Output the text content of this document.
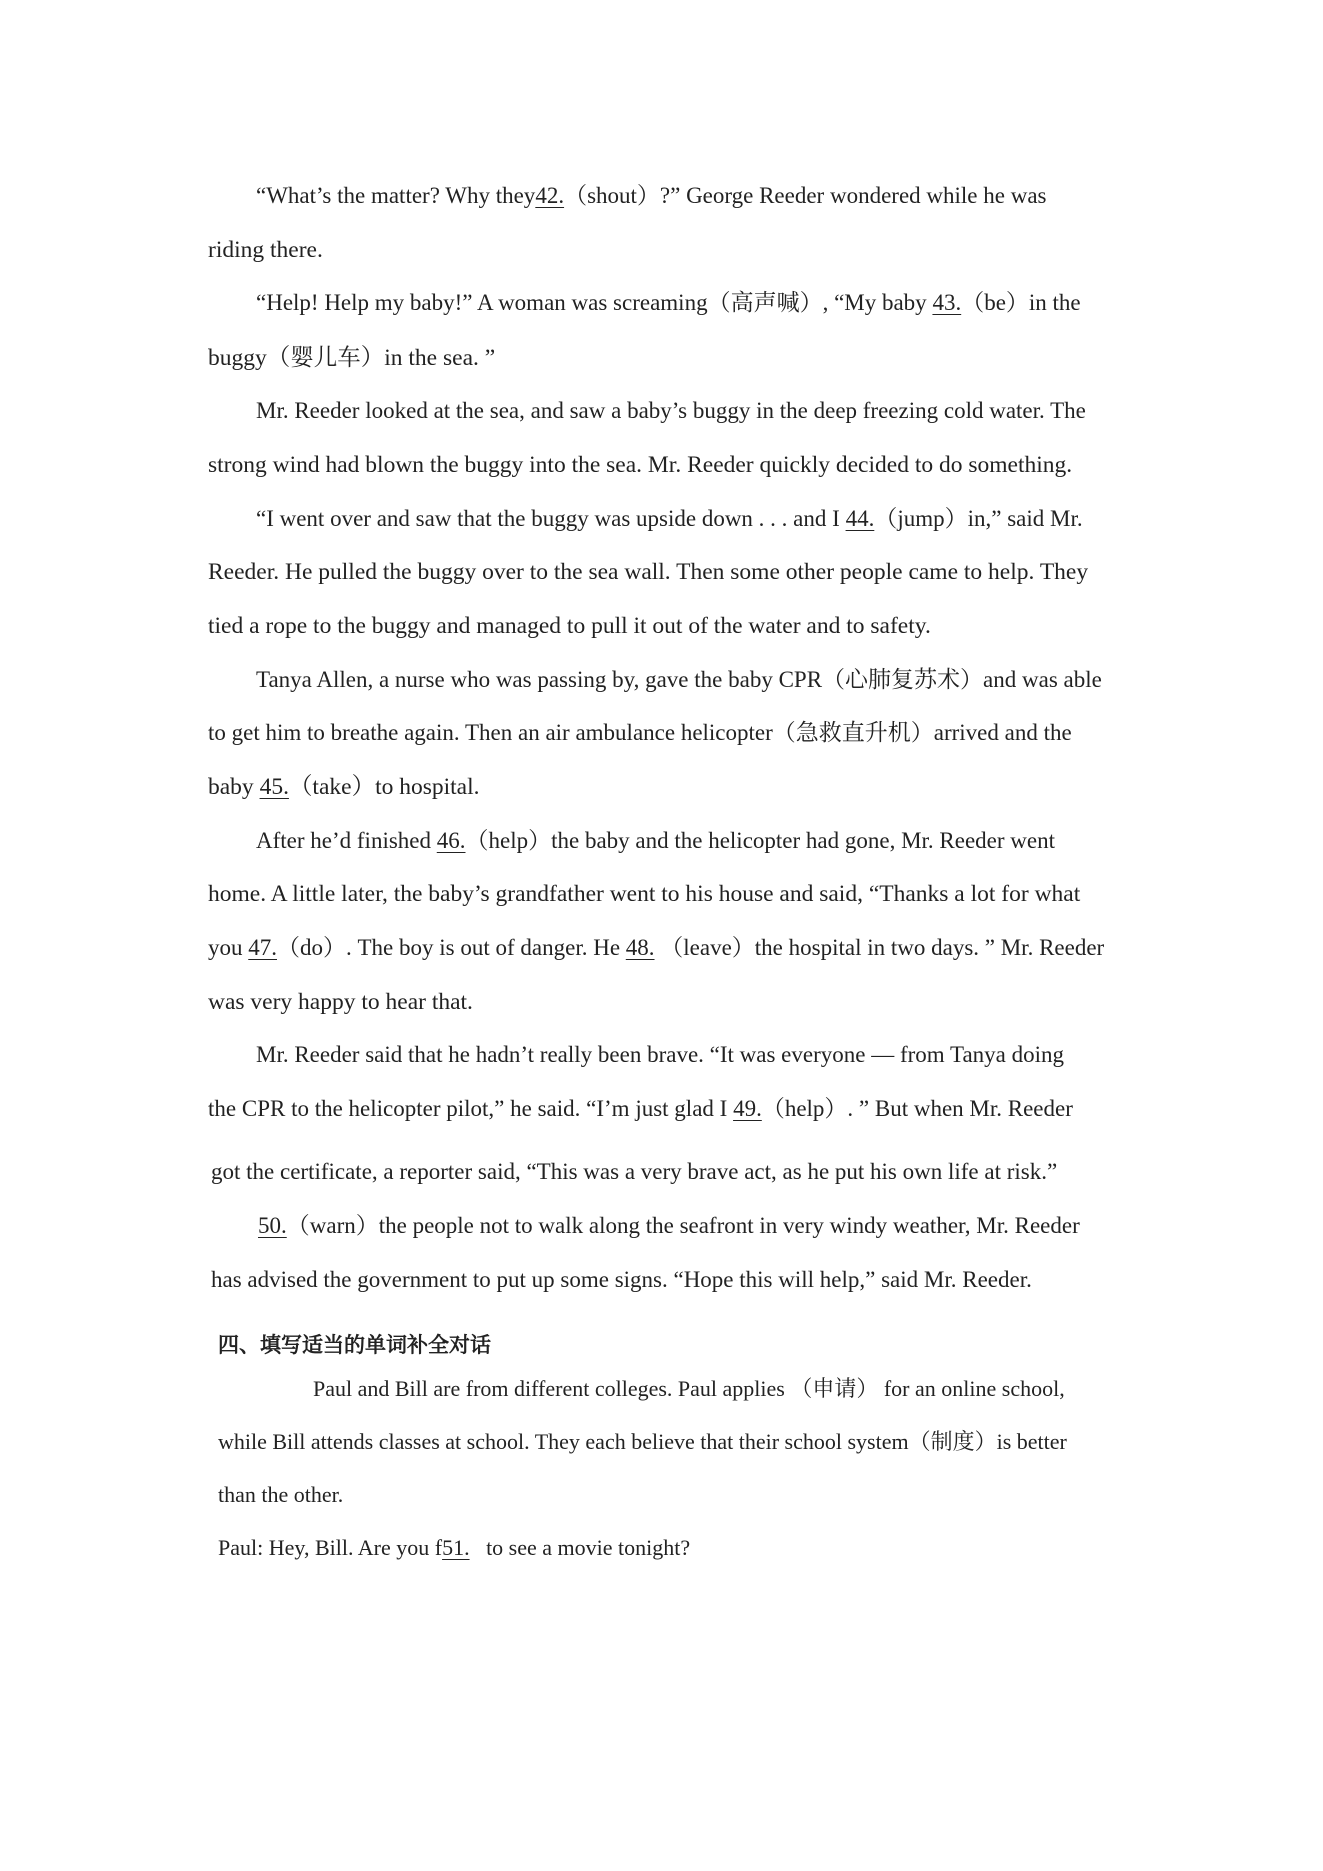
“What’s the matter? Why they42.（shout）?” George Reeder wondered while he was
riding there.
“Help! Help my baby!” A woman was screaming（高声喊）, “My baby 43.（be）in the
buggy（婴儿车）in the sea. ”
Mr. Reeder looked at the sea, and saw a baby’s buggy in the deep freezing cold water. The
strong wind had blown the buggy into the sea. Mr. Reeder quickly decided to do something.
“I went over and saw that the buggy was upside down . . . and I 44.（jump）in,” said Mr.
Reeder. He pulled the buggy over to the sea wall. Then some other people came to help. They
tied a rope to the buggy and managed to pull it out of the water and to safety.
Tanya Allen, a nurse who was passing by, gave the baby CPR（心肺复苏术）and was able
to get him to breathe again. Then an air ambulance helicopter（急救直升机）arrived and the
baby 45.（take）to hospital.
After he’d finished 46.（help）the baby and the helicopter had gone, Mr. Reeder went
home. A little later, the baby’s grandfather went to his house and said, “Thanks a lot for what
you 47.（do）. The boy is out of danger. He 48. （leave）the hospital in two days. ” Mr. Reeder
was very happy to hear that.
Mr. Reeder said that he hadn’t really been brave. “It was everyone — from Tanya doing
the CPR to the helicopter pilot,” he said. “I’m just glad I 49.（help）. ” But when Mr. Reeder
got the certificate, a reporter said, “This was a very brave act, as he put his own life at risk.”
50.（warn）the people not to walk along the seafront in very windy weather, Mr. Reeder
has advised the government to put up some signs. “Hope this will help,” said Mr. Reeder.
四、填写适当的单词补全对话
Paul and Bill are from different colleges. Paul applies （申请） for an online school,
while Bill attends classes at school. They each believe that their school system（制度）is better
than the other.
Paul: Hey, Bill. Are you f51. to see a movie tonight?
